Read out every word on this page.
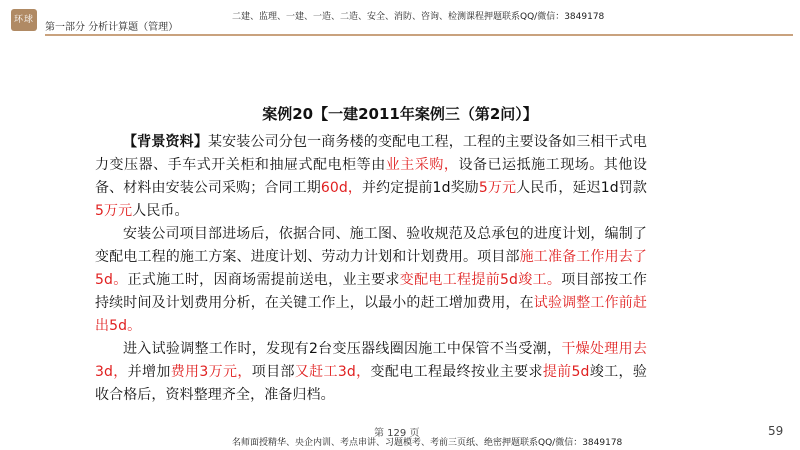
环球
第一部分 分析计算题（管理）
二建、监理、一建、一造、二造、安全、消防、咨询、检测课程押题联系QQ/微信：3849178
案例20【一建2011年案例三（第2问）】

【背景资料】某安装公司分包一商务楼的变配电工程，工程的主要设备如三相干式电力变压器、手车式开关柜和抽屉式配电柜等由业主采购，设备已运抵施工现场。其他设备、材料由安装公司采购；合同工期60d，并约定提前1d奖励5万元人民币，延迟1d罚款5万元人民币。

安装公司项目部进场后，依据合同、施工图、验收规范及总承包的进度计划，编制了变配电工程的施工方案、进度计划、劳动力计划和计划费用。项目部施工准备工作用去了5d。正式施工时，因商场需提前送电，业主要求变配电工程提前5d竣工。项目部按工作持续时间及计划费用分析，在关键工作上，以最小的赶工增加费用，在试验调整工作前赶出5d。

进入试验调整工作时，发现有2台变压器线圈因施工中保管不当受潮，干燥处理用去3d，并增加费用3万元，项目部又赶工3d，变配电工程最终按业主要求提前5d竣工，验收合格后，资料整理齐全，准备归档。

第 129 页
名师面授精华、央企内训、考点串讲、习题模考、考前三页纸、绝密押题联系QQ/微信：3849178
59
